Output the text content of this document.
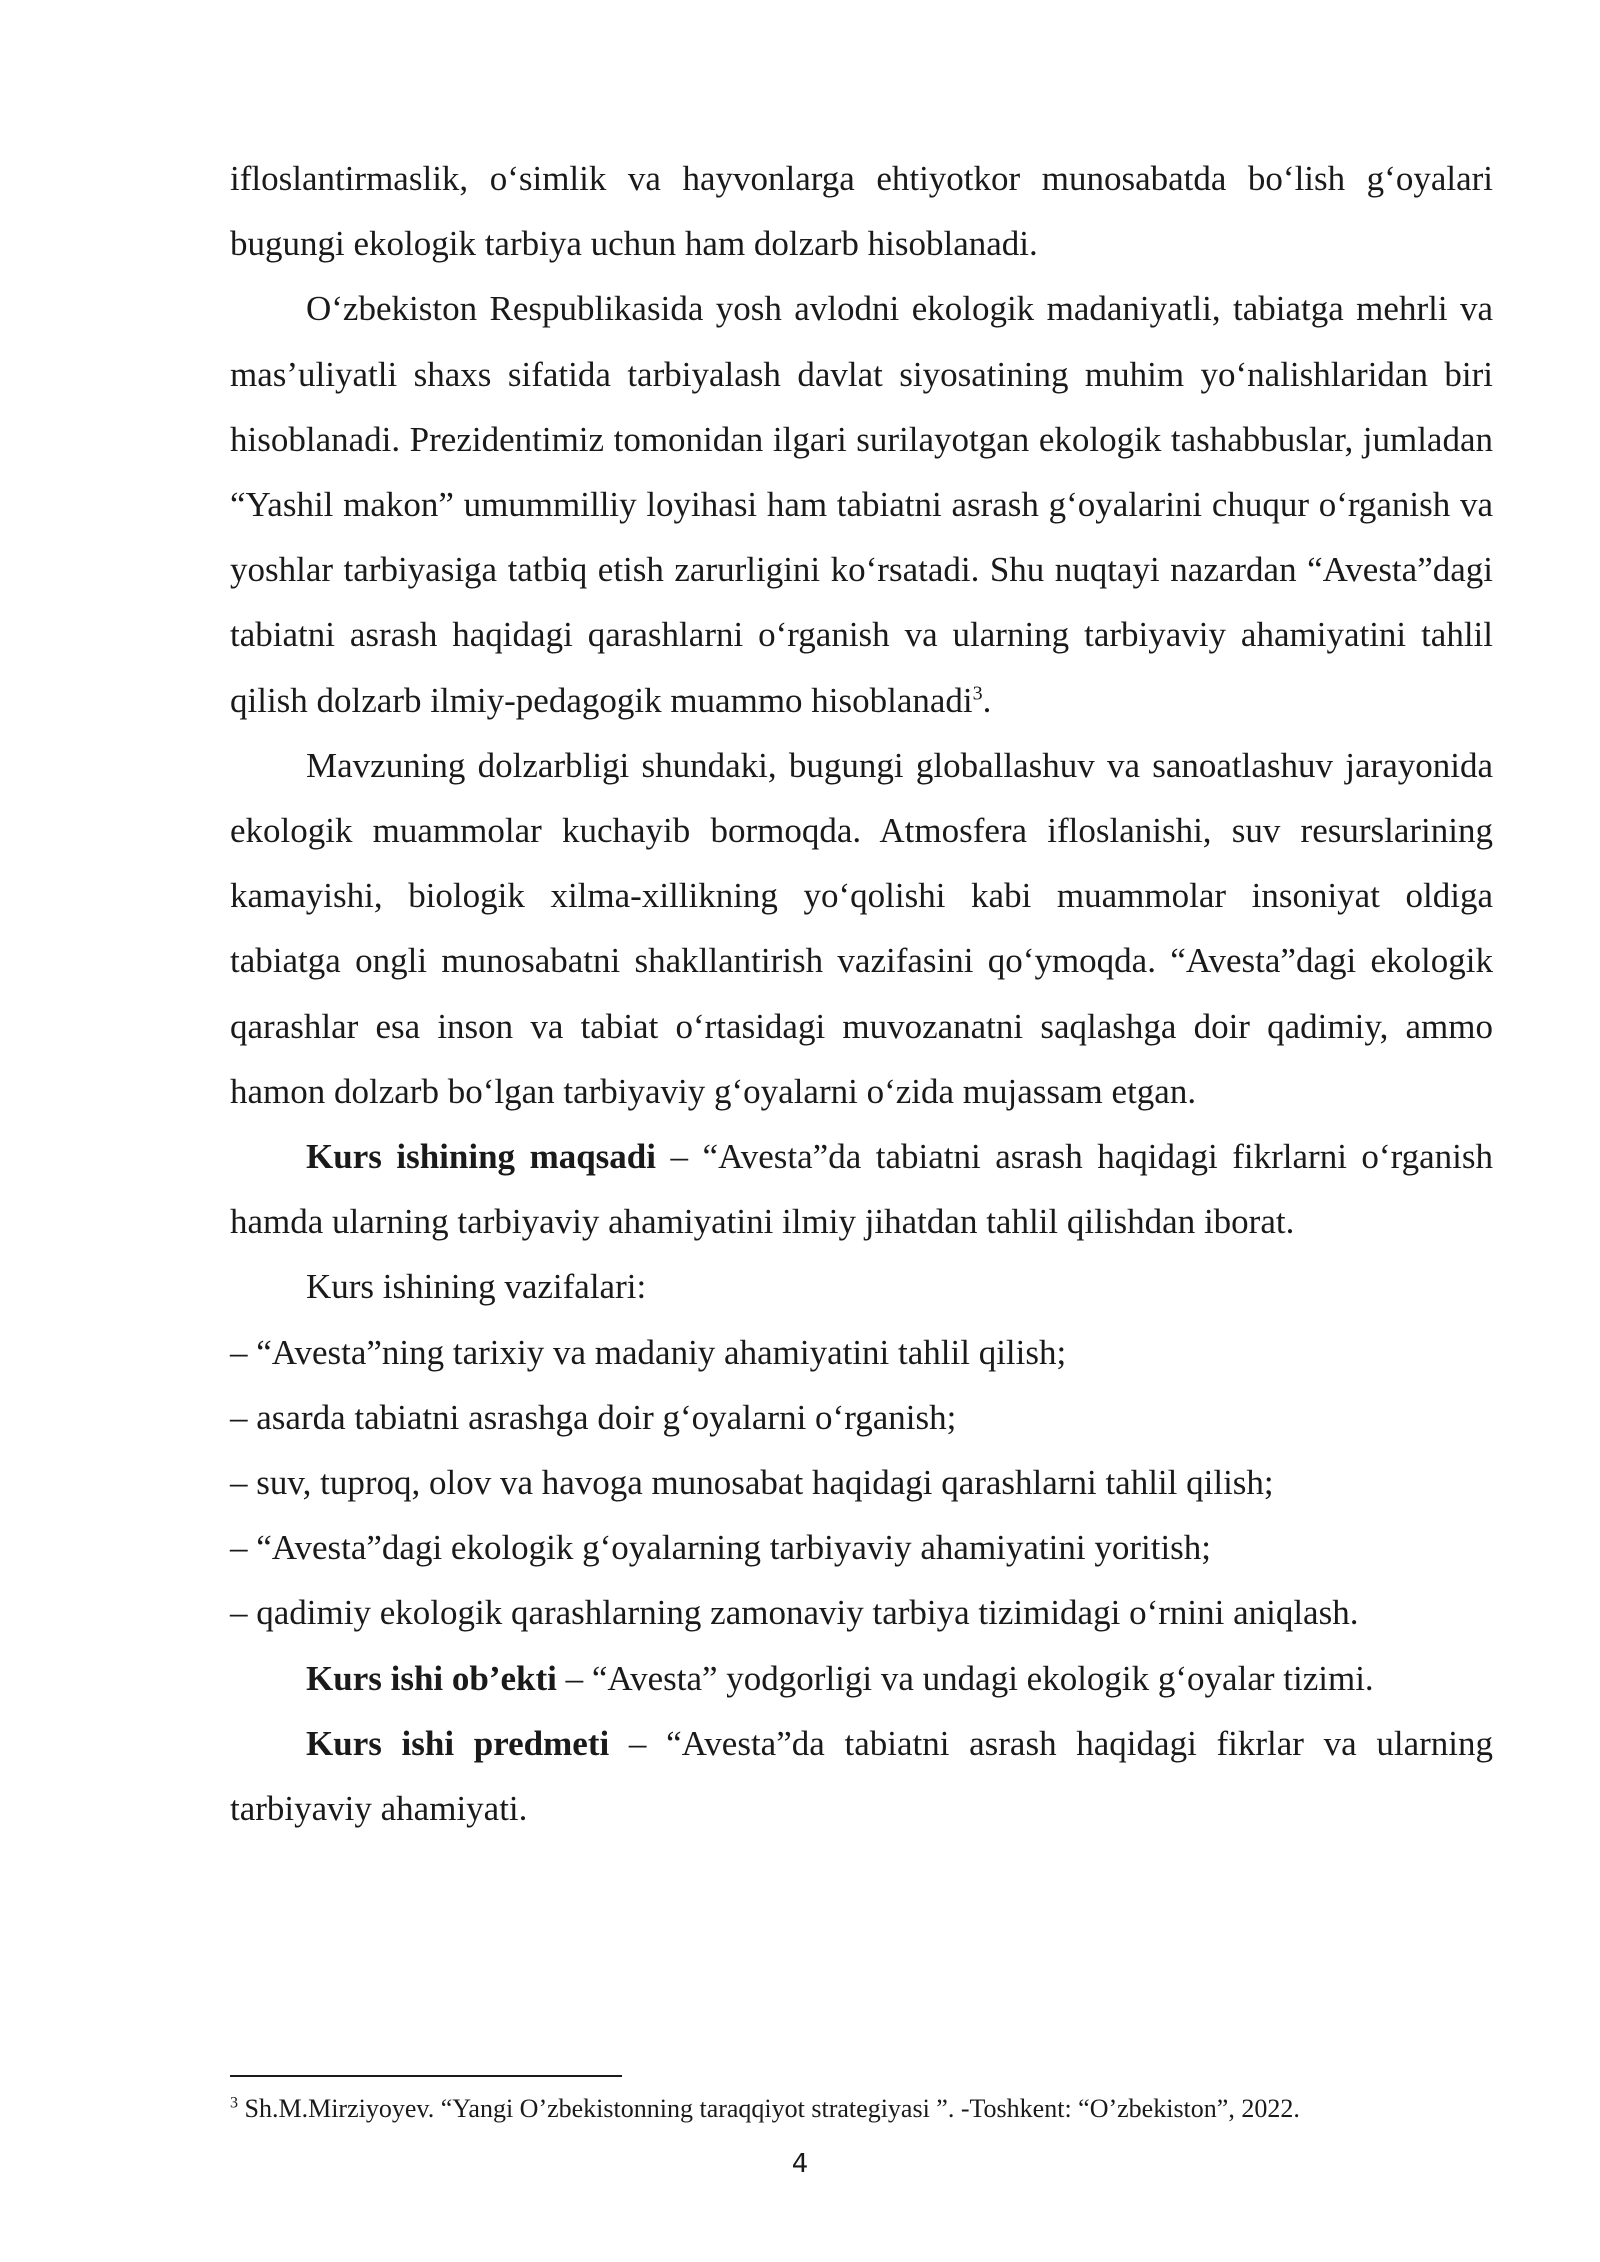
ifloslantirmaslik, o‘simlik va hayvonlarga ehtiyotkor munosabatda bo‘lish g‘oyalari bugungi ekologik tarbiya uchun ham dolzarb hisoblanadi.

O‘zbekiston Respublikasida yosh avlodni ekologik madaniyatli, tabiatga mehrli va mas’uliyatli shaxs sifatida tarbiyalash davlat siyosatining muhim yo‘nalishlaridan biri hisoblanadi. Prezidentimiz tomonidan ilgari surilayotgan ekologik tashabbuslar, jumladan “Yashil makon” umummilliy loyihasi ham tabiatni asrash g‘oyalarini chuqur o‘rganish va yoshlar tarbiyasiga tatbiq etish zarurligini ko‘rsatadi. Shu nuqtayi nazardan “Avesta”dagi tabiatni asrash haqidagi qarashlarni o‘rganish va ularning tarbiyaviy ahamiyatini tahlil qilish dolzarb ilmiy-pedagogik muammo hisoblanadi$^3$.

Mavzuning dolzarbligi shundaki, bugungi globallashuv va sanoatlashuv jarayonida ekologik muammolar kuchayib bormoqda. Atmosfera ifloslanishi, suv resurslarining kamayishi, biologik xilma-xillikning yo‘qolishi kabi muammolar insoniyat oldiga tabiatga ongli munosabatni shakllantirish vazifasini qo‘ymoqda. “Avesta”dagi ekologik qarashlar esa inson va tabiat o‘rtasidagi muvozanatni saqlashga doir qadimiy, ammo hamon dolzarb bo‘lgan tarbiyaviy g‘oyalarni o‘zida mujassam etgan.

Kurs ishining maqsadi – “Avesta”da tabiatni asrash haqidagi fikrlarni o‘rganish hamda ularning tarbiyaviy ahamiyatini ilmiy jihatdan tahlil qilishdan iborat.

Kurs ishining vazifalari:

– “Avesta”ning tarixiy va madaniy ahamiyatini tahlil qilish;

– asarda tabiatni asrashga doir g‘oyalarni o‘rganish;

– suv, tuproq, olov va havoga munosabat haqidagi qarashlarni tahlil qilish;

– “Avesta”dagi ekologik g‘oyalarning tarbiyaviy ahamiyatini yoritish;

– qadimiy ekologik qarashlarning zamonaviy tarbiya tizimidagi o‘rnini aniqlash.

Kurs ishi ob’ekti – “Avesta” yodgorligi va undagi ekologik g‘oyalar tizimi.

Kurs ishi predmeti – “Avesta”da tabiatni asrash haqidagi fikrlar va ularning tarbiyaviy ahamiyati.

$^3$ Sh.M.Mirziyoyev. “Yangi O’zbekistonning taraqqiyot strategiyasi ”. -Toshkent: “O’zbekiston”, 2022.
4
